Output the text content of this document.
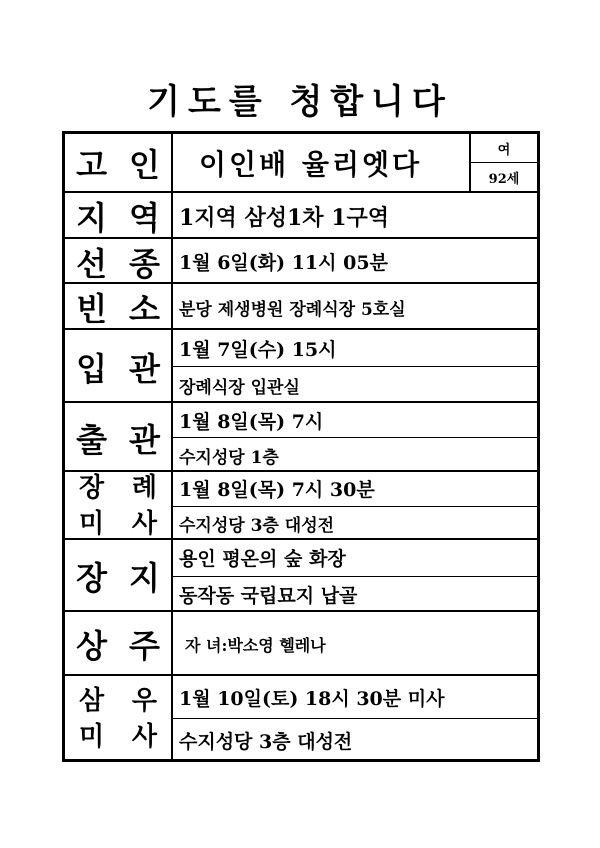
기도를 청합니다
고인 이인배 율리엣다	여
92세
지역
1지역 삼성1차 1구역
선종
1월 6일(화) 11시 05분
빈소
분당 제생병원 장례식장 5호실
입관
1월 7일(수) 15시
장례식장 입관실
출관
1월 8일(목) 7시
수지성당 1층
장 례
미 사
1월 8일(목) 7시 30분
수지성당 3층 대성전
장지
용인 평온의 숲 화장
동작동 국립묘지 납골
상주 자 녀:박소영 헬레나
삼 우
미 사
1월 10일(토) 18시 30분 미사
수지성당 3층 대성전
